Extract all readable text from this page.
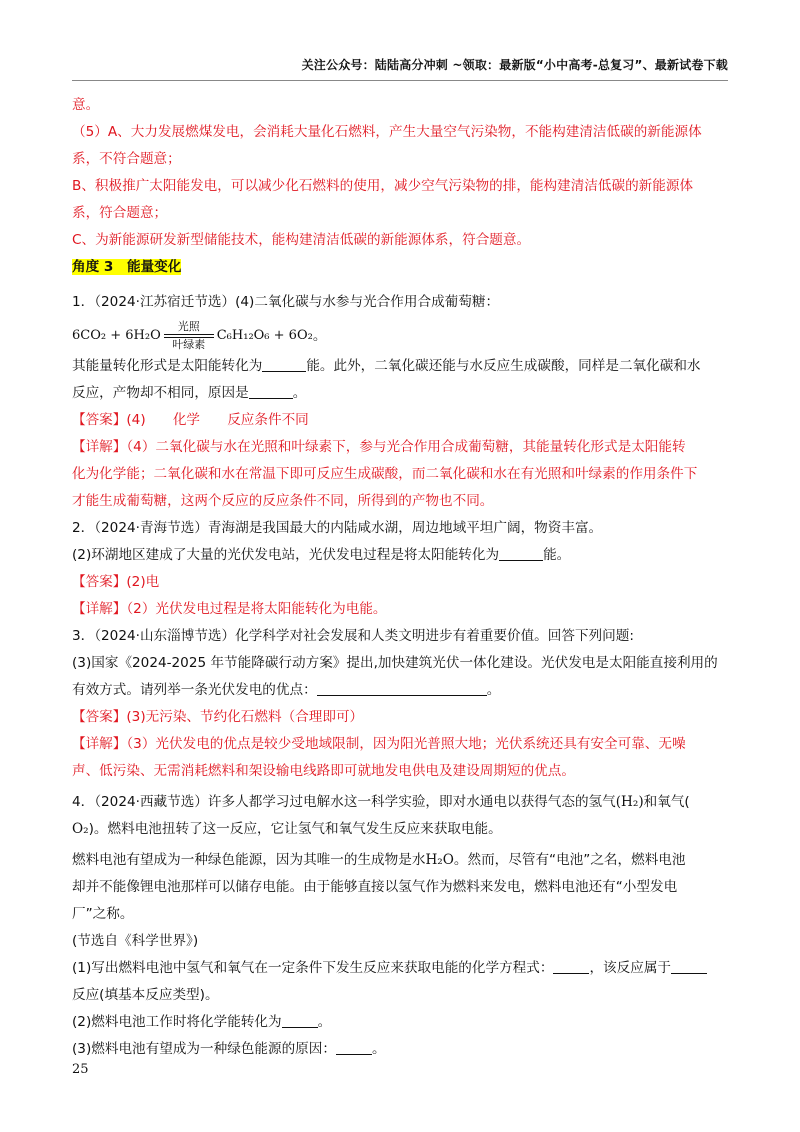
关注公众号：陆陆高分冲刺 ~领取：最新版“小中高考-总复习”、最新试卷下载

意。

（5）A、大力发展燃煤发电，会消耗大量化石燃料，产生大量空气污染物，不能构建清洁低碳的新能源体

系，不符合题意；

B、积极推广太阳能发电，可以减少化石燃料的使用，减少空气污染物的排，能构建清洁低碳的新能源体

系，符合题意；

C、为新能源研发新型储能技术，能构建清洁低碳的新能源体系，符合题意。

角度 3　能量变化

1．（2024·江苏宿迁节选）(4)二氧化碳与水参与光合作用合成葡萄糖：
6CO₂ + 6H₂O
光照
叶绿素
C₆H₁₂O₆ + 6O₂ 。

其能量转化形式是太阳能转化为	能。此外，二氧化碳还能与水反应生成碳酸，同样是二氧化碳和水

反应，产物却不相同，原因是	。

【答案】(4)　　化学　　反应条件不同

【详解】（4）二氧化碳与水在光照和叶绿素下，参与光合作用合成葡萄糖，其能量转化形式是太阳能转

化为化学能；二氧化碳和水在常温下即可反应生成碳酸，而二氧化碳和水在有光照和叶绿素的作用条件下

才能生成葡萄糖，这两个反应的反应条件不同，所得到的产物也不同。

2．（2024·青海节选）青海湖是我国最大的内陆咸水湖，周边地域平坦广阔，物资丰富。

(2)环湖地区建成了大量的光伏发电站，光伏发电过程是将太阳能转化为	能。

【答案】(2)电

【详解】（2）光伏发电过程是将太阳能转化为电能。

3．（2024·山东淄博节选）化学科学对社会发展和人类文明进步有着重要价值。回答下列问题:

(3)国家《2024-2025 年节能降碳行动方案》提出,加快建筑光伏一体化建设。光伏发电是太阳能直接利用的

有效方式。请列举一条光伏发电的优点：	。

【答案】(3)无污染、节约化石燃料（合理即可）

【详解】（3）光伏发电的优点是较少受地域限制，因为阳光普照大地；光伏系统还具有安全可靠、无噪

声、低污染、无需消耗燃料和架设输电线路即可就地发电供电及建设周期短的优点。

4．（2024·西藏节选）许多人都学习过电解水这一科学实验，即对水通电以获得气态的氢气(H₂)和氧气(

O₂)。燃料电池扭转了这一反应，它让氢气和氧气发生反应来获取电能。

燃料电池有望成为一种绿色能源，因为其唯一的生成物是水H₂O。然而，尽管有“电池”之名，燃料电池

却并不能像锂电池那样可以储存电能。由于能够直接以氢气作为燃料来发电，燃料电池还有“小型发电

厂”之称。

(节选自《科学世界》)

(1)写出燃料电池中氢气和氧气在一定条件下发生反应来获取电能的化学方程式：	，该反应属于

反应(填基本反应类型)。

(2)燃料电池工作时将化学能转化为	。

(3)燃料电池有望成为一种绿色能源的原因：	。

25
